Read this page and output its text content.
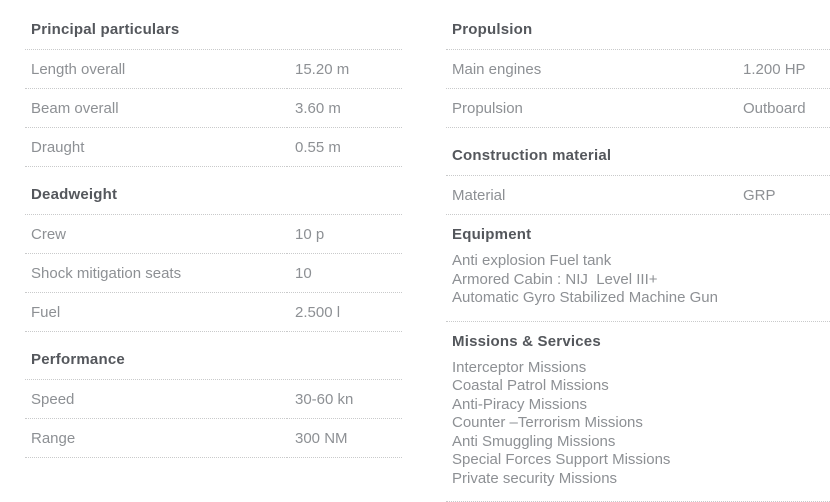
Principal particulars
Length overall	15.20 m
Beam overall	3.60 m
Draught	0.55 m
Deadweight
Crew	10 p
Shock mitigation seats	10
Fuel	2.500 l
Performance
Speed	30-60 kn
Range	300 NM
Propulsion
Main engines	1.200 HP
Propulsion	Outboard
Construction material
Material	GRP
Equipment
Anti explosion Fuel tank
Armored Cabin : NIJ  Level III+
Automatic Gyro Stabilized Machine Gun
Missions & Services
Interceptor Missions
Coastal Patrol Missions
Anti-Piracy Missions
Counter –Terrorism Missions
Anti Smuggling Missions
Special Forces Support Missions
Private security Missions
